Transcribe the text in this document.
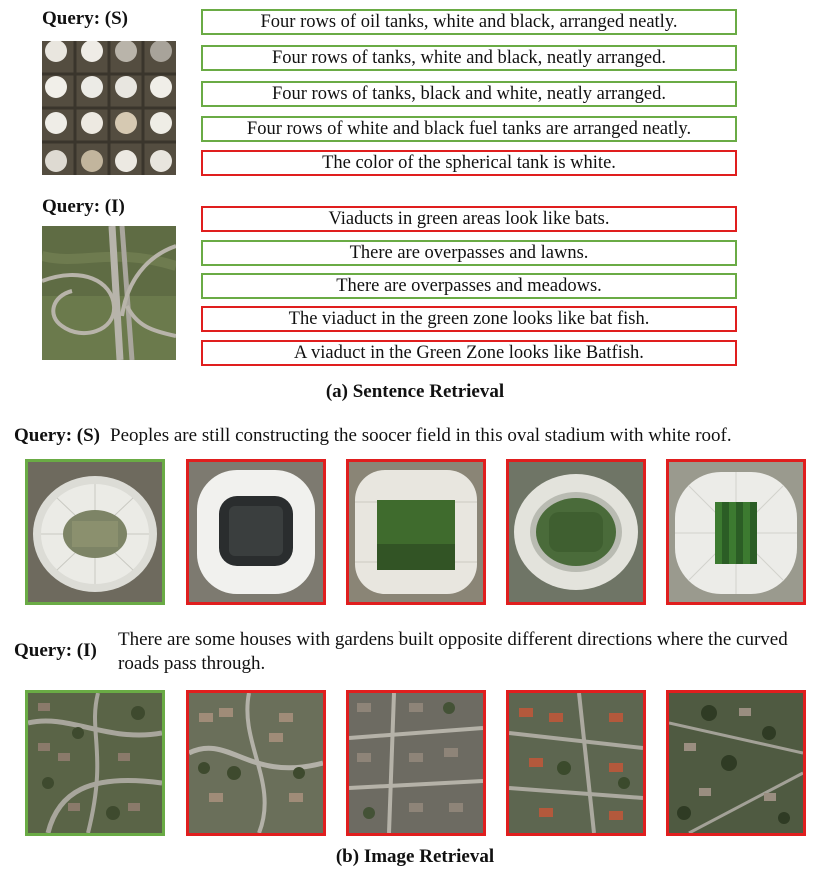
Query: (S)	Four rows of oil tanks, white and black, arranged neatly.
Four rows of tanks, white and black, neatly arranged.
Four rows of tanks, black and white, neatly arranged.
Four rows of white and black fuel tanks are arranged neatly.
The color of the spherical tank is white.
Query: (I)
Viaducts in green areas look like bats.
There are overpasses and lawns.
There are overpasses and meadows.
The viaduct in the green zone looks like bat fish.
A viaduct in the Green Zone looks like Batfish.
(a) Sentence Retrieval
Query: (S) Peoples are still constructing the soocer field in this oval stadium with white roof.
Query: (I)
There are some houses with gardens built opposite different directions where the curved roads pass through.
(b) Image Retrieval
